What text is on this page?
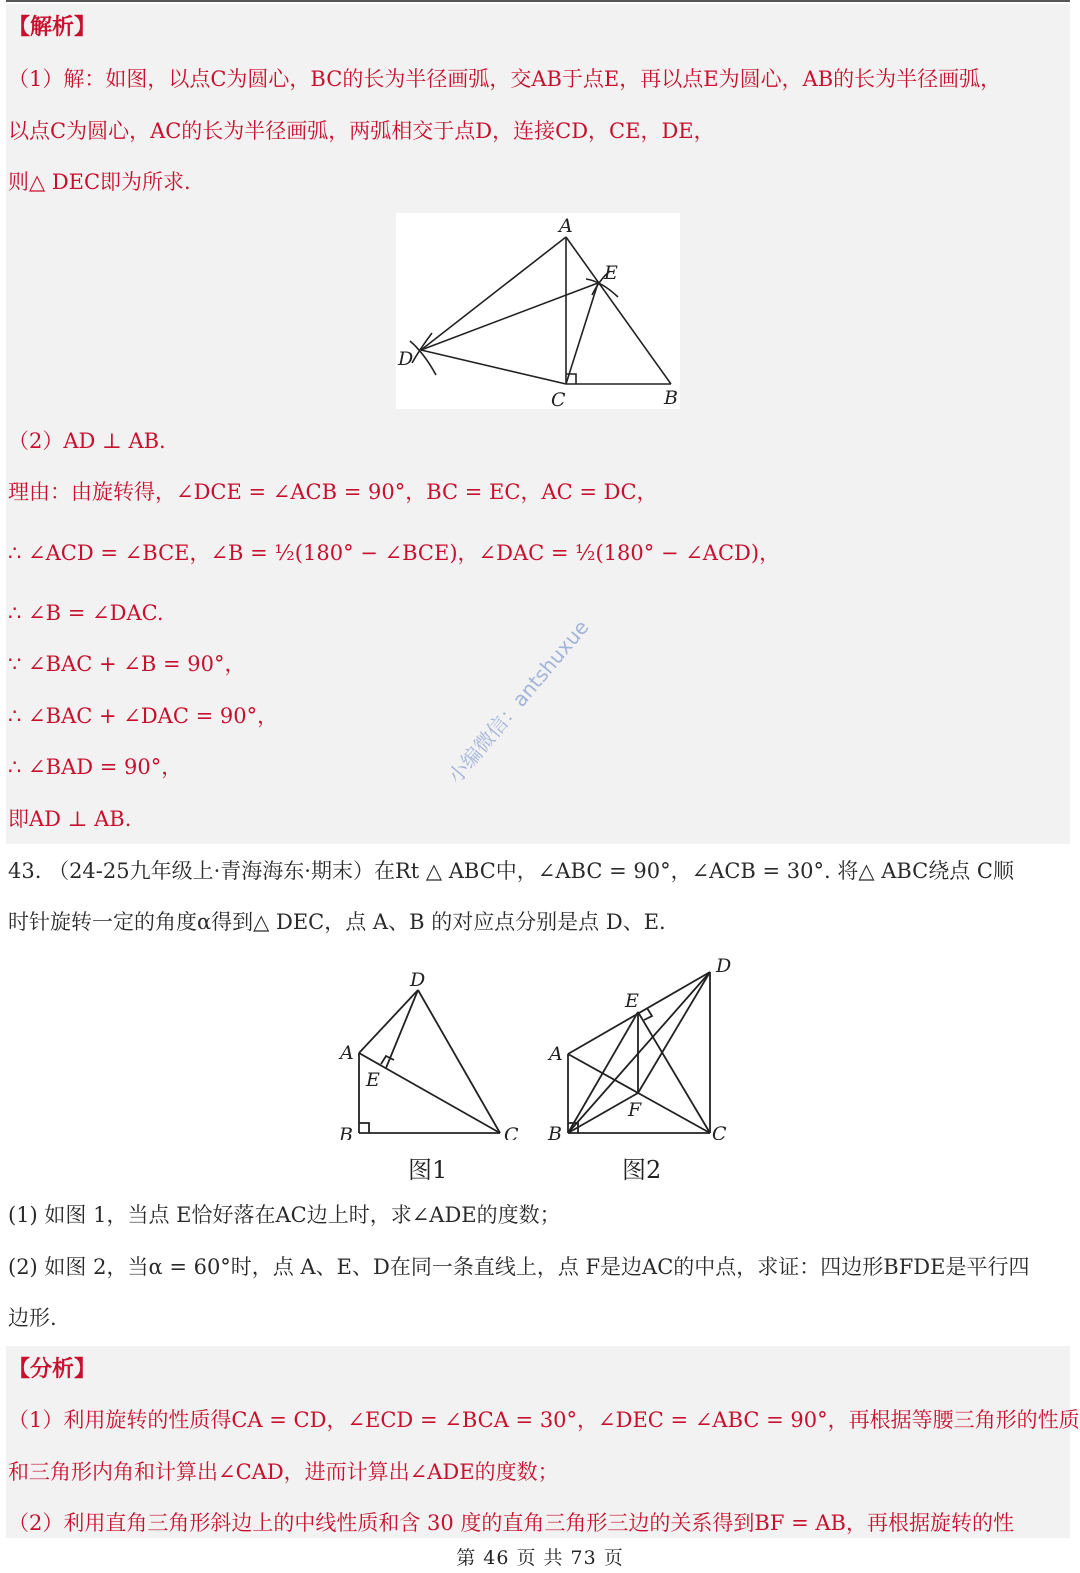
【解析】
（1）解：如图，以点C为圆心，BC的长为半径画弧，交AB于点E，再以点E为圆心，AB的长为半径画弧，
以点C为圆心，AC的长为半径画弧，两弧相交于点D，连接CD，CE，DE，
则△ DEC即为所求.
A
E
D
C	B
（2）AD ⊥ AB.
理由：由旋转得，∠DCE = ∠ACB = 90°，BC = EC，AC = DC，
∴ ∠ACD = ∠BCE，∠B = ½(180° − ∠BCE)，∠DAC = ½(180° − ∠ACD)，
∴ ∠B = ∠DAC.
∵ ∠BAC + ∠B = 90°，
∴ ∠BAC + ∠DAC = 90°，
∴ ∠BAD = 90°，
即AD ⊥ AB.
小编微信：antshuxue
43. （24-25九年级上·青海海东·期末）在Rt △ ABC中，∠ABC = 90°，∠ACB = 30°. 将△ ABC绕点 C顺
时针旋转一定的角度α得到△ DEC，点 A、B 的对应点分别是点 D、E.
D
A
E
B	C
图1
D
E
A
F
B	C
图2
(1) 如图 1，当点 E恰好落在AC边上时，求∠ADE的度数；
(2) 如图 2，当α = 60°时，点 A、E、D在同一条直线上，点 F是边AC的中点，求证：四边形BFDE是平行四
边形.
【分析】
（1）利用旋转的性质得CA = CD，∠ECD = ∠BCA = 30°，∠DEC = ∠ABC = 90°，再根据等腰三角形的性质
和三角形内角和计算出∠CAD，进而计算出∠ADE的度数；
（2）利用直角三角形斜边上的中线性质和含 30 度的直角三角形三边的关系得到BF = AB，再根据旋转的性
第 46 页 共 73 页
